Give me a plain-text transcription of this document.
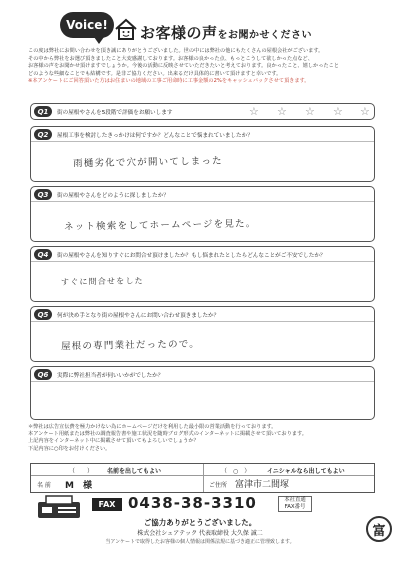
Voice!	お客様の声をお聞かせください
この度は弊社にお問い合わせを頂き誠にありがとうございました。世の中には弊社の他にもたくさんの屋根会社がございます。
その中から弊社をお選び頂きましたこと大変感謝しております。お客様の良かった点、もっとこうして欲しかった点など、
お客様の声をお聞かせ頂けますでしょうか。今後の活動に反映させていただきたいと考えております。良かったこと、嬉しかったこと
どのような些細なことでも結構です。是非ご協力ください。出来るだけ具体的に書いて頂けますと幸いです。
※本アンケートにご回答頂いた方はお住まいの地域の工事ご用命時に工事金額の2%をキャッシュバックさせて頂きます。
Q1	街の屋根やさんを5段階で評価をお願いします	☆ ☆ ☆ ☆ ☆
Q2	屋根工事を検討したきっかけは何ですか？どんなことで悩まれていましたか？
雨樋劣化で穴が開いてしまった
Q3	街の屋根やさんをどのように探しましたか？
ネット検索をしてホームページを見た。
Q4	街の屋根やさんを知りすぐにお問合せ頂けましたか？もし悩まれたとしたらどんなことがご不安でしたか？
すぐに問合せをした
Q5	何が決め手となり街の屋根やさんにお問い合わせ頂きましたか？
屋根の専門業社だったので。
Q6	実際に弊社担当者が伺いいかがでしたか？
＊弊社は広告宣伝費を極力かけない為にホームページだけを利用した最小限の営業活動を行っております。
本アンケート用紙または弊社の調査報告書や施工状況を随時ブログ形式のインターネットに掲載させて頂いております。
上記内容をインターネット中に掲載させて頂いてもよろしいでしょうか？
下記内容に○印をお付けください。
（　　） 名前を出してもよい	（　○　）	イニシャルなら出してもよい
名 前 M　様	ご住所 富津市二間塚
FAX 0438-38-3310	本社直通
FAX番号
ご協力ありがとうございました。
株式会社シェアテック 代表取締役 大久保 誠二
当アンケートで取得したお客様の個人情報は関係法規に基づき適正に管理致します。
富
